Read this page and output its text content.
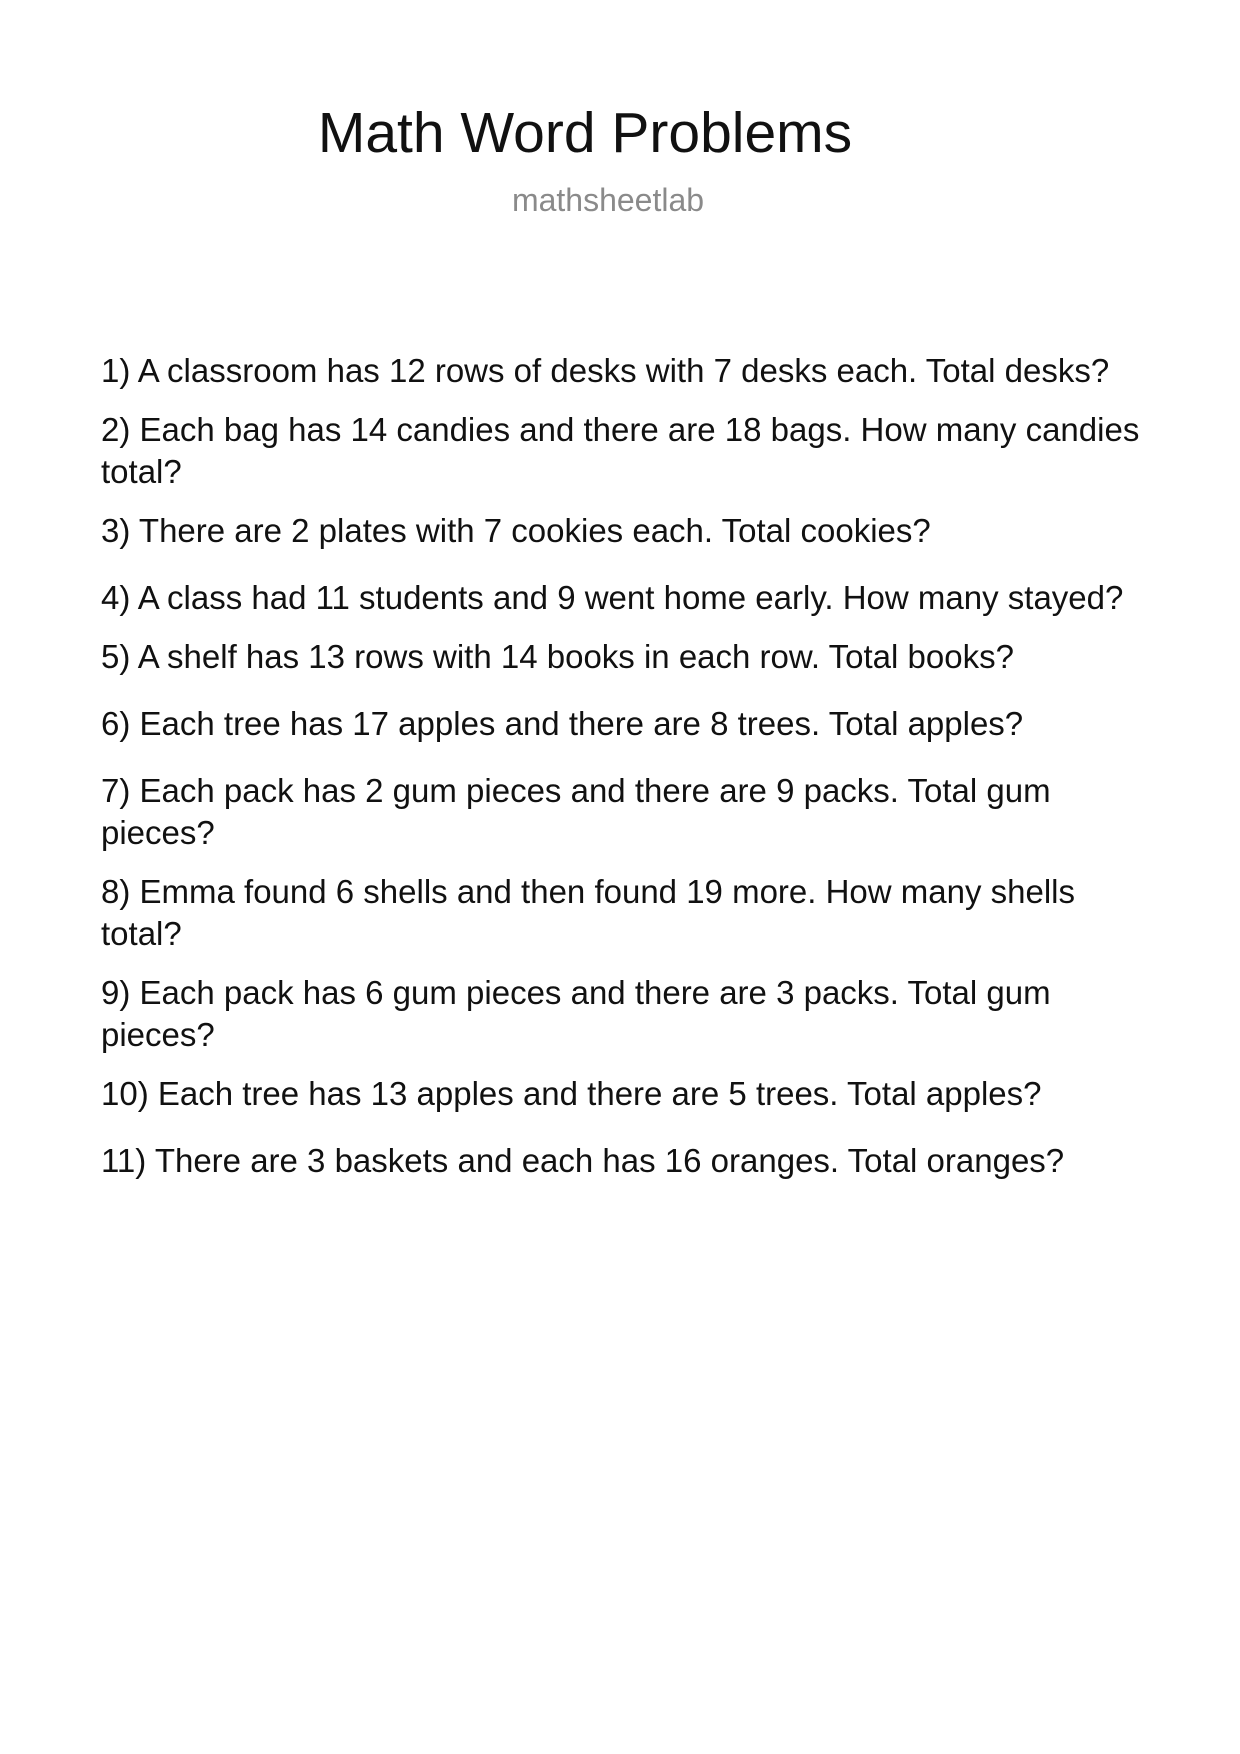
Math Word Problems
mathsheetlab
1) A classroom has 12 rows of desks with 7 desks each. Total desks?
2) Each bag has 14 candies and there are 18 bags. How many candies total?
3) There are 2 plates with 7 cookies each. Total cookies?
4) A class had 11 students and 9 went home early. How many stayed?
5) A shelf has 13 rows with 14 books in each row. Total books?
6) Each tree has 17 apples and there are 8 trees. Total apples?
7) Each pack has 2 gum pieces and there are 9 packs. Total gum pieces?
8) Emma found 6 shells and then found 19 more. How many shells total?
9) Each pack has 6 gum pieces and there are 3 packs. Total gum pieces?
10) Each tree has 13 apples and there are 5 trees. Total apples?
11) There are 3 baskets and each has 16 oranges. Total oranges?
